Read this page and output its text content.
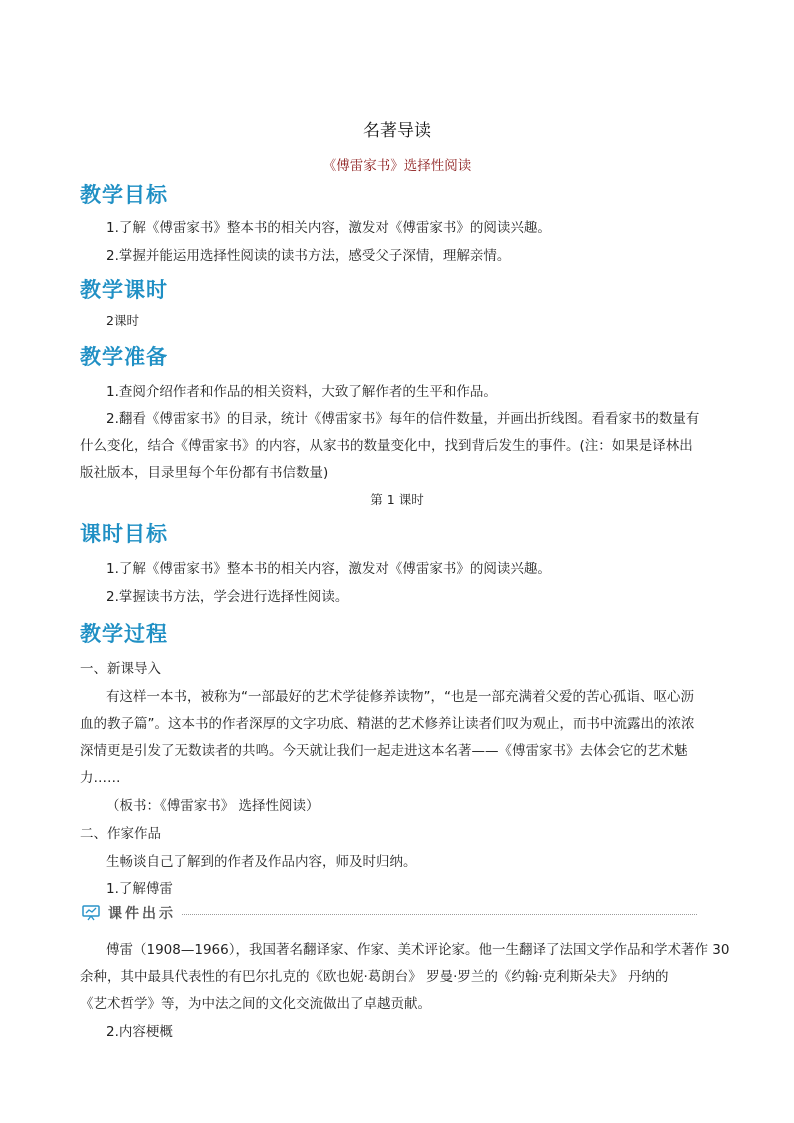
名著导读
《傅雷家书》选择性阅读
教学目标
1.了解《傅雷家书》整本书的相关内容，激发对《傅雷家书》的阅读兴趣。
2.掌握并能运用选择性阅读的读书方法，感受父子深情，理解亲情。
教学课时
2课时
教学准备
1.查阅介绍作者和作品的相关资料，大致了解作者的生平和作品。
2.翻看《傅雷家书》的目录，统计《傅雷家书》每年的信件数量，并画出折线图。看看家书的数量有
什么变化，结合《傅雷家书》的内容，从家书的数量变化中，找到背后发生的事件。(注：如果是译林出
版社版本，目录里每个年份都有书信数量)
第 1 课时
课时目标
1.了解《傅雷家书》整本书的相关内容，激发对《傅雷家书》的阅读兴趣。
2.掌握读书方法，学会进行选择性阅读。
教学过程
一、新课导入
有这样一本书，被称为“一部最好的艺术学徒修养读物”，“也是一部充满着父爱的苦心孤诣、呕心沥
血的教子篇”。这本书的作者深厚的文字功底、精湛的艺术修养让读者们叹为观止，而书中流露出的浓浓
深情更是引发了无数读者的共鸣。今天就让我们一起走进这本名著——《傅雷家书》去体会它的艺术魅
力……
（板书：《傅雷家书》 选择性阅读）
二、作家作品
生畅谈自己了解到的作者及作品内容，师及时归纳。
1.了解傅雷
课件出示
傅雷（1908—1966），我国著名翻译家、作家、美术评论家。他一生翻译了法国文学作品和学术著作 30
余种，其中最具代表性的有巴尔扎克的《欧也妮·葛朗台》 罗曼·罗兰的《约翰·克利斯朵夫》 丹纳的
《艺术哲学》等，为中法之间的文化交流做出了卓越贡献。
2.内容梗概
